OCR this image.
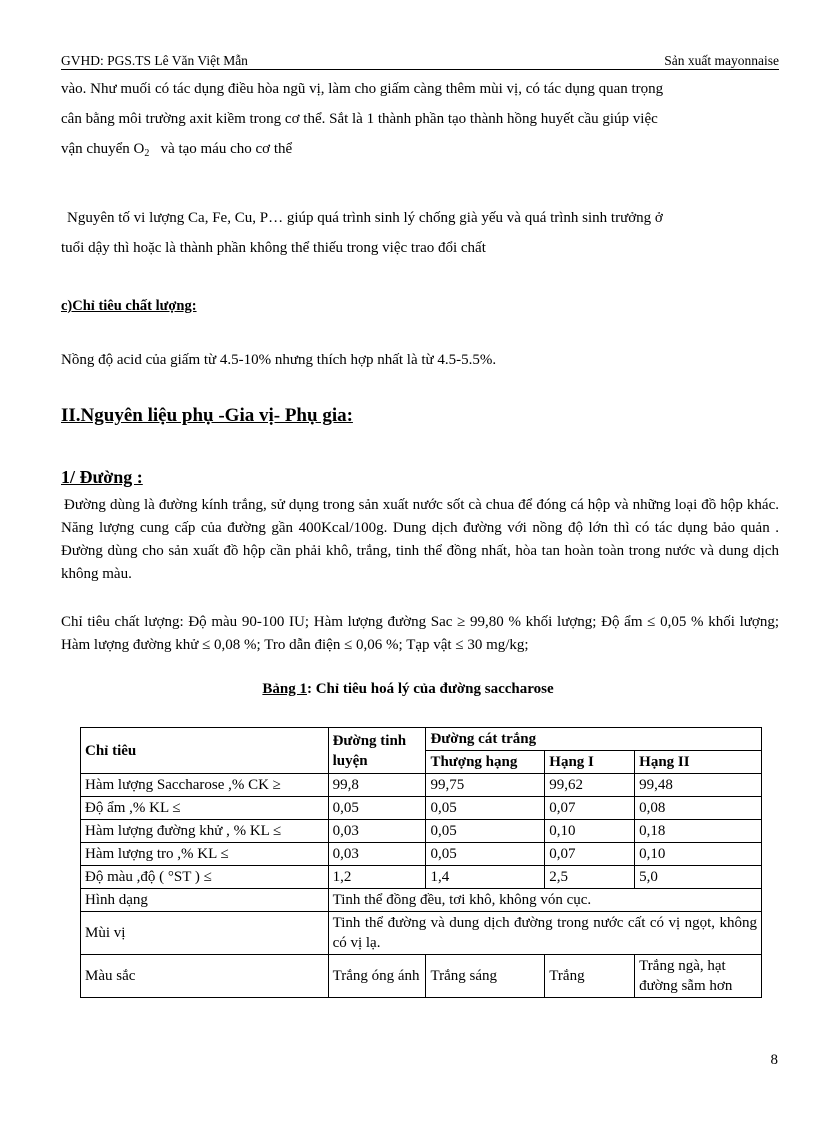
GVHD: PGS.TS Lê Văn Việt Mẫn	Sản xuất mayonnaise
vào. Như muối có tác dụng điều hòa ngũ vị, làm cho giấm càng thêm mùi vị, có tác dụng quan trọng
cân bằng môi trường axit kiềm trong cơ thể. Sắt là 1 thành phần tạo thành hồng huyết cầu giúp việc
vận chuyển $O_2$ và tạo máu cho cơ thể
Nguyên tố vi lượng Ca, Fe, Cu, P… giúp quá trình sinh lý chống già yếu và quá trình sinh trưởng ở
tuổi dậy thì hoặc là thành phần không thể thiếu trong việc trao đổi chất
c)Chỉ tiêu chất lượng:
Nồng độ acid của giấm từ 4.5-10% nhưng thích hợp nhất là từ 4.5-5.5%.
II.Nguyên liệu phụ -Gia vị- Phụ gia:
1/ Đường :
Đường dùng là đường kính trắng, sử dụng trong sản xuất nước sốt cà chua để đóng cá hộp và những loại đồ hộp khác. Năng lượng cung cấp của đường gần 400Kcal/100g. Dung dịch đường với nồng độ lớn thì có tác dụng bảo quản . Đường dùng cho sản xuất đồ hộp cần phải khô, trắng, tinh thể đồng nhất, hòa tan hoàn toàn trong nước và dung dịch không màu.
Chỉ tiêu chất lượng: Độ màu 90-100 IU; Hàm lượng đường Sac ≥ 99,80 % khối lượng; Độ ẩm ≤ 0,05 % khối lượng; Hàm lượng đường khử ≤ 0,08 %; Tro dẫn điện ≤ 0,06 %; Tạp vật ≤ 30 mg/kg;
Bảng 1: Chỉ tiêu hoá lý của đường saccharose
Chỉ tiêu	Đường tinh luyện	Đường cát trắng		
		Thượng hạng	Hạng I	Hạng II
Hàm lượng Saccharose ,% CK ≥	99,8	99,75	99,62	99,48
Độ ẩm ,% KL ≤	0,05	0,05	0,07	0,08
Hàm lượng đường khử , % KL ≤	0,03	0,05	0,10	0,18
Hàm lượng tro ,% KL ≤	0,03	0,05	0,07	0,10
Độ màu ,độ ( °ST ) ≤	1,2	1,4	2,5	5,0
Hình dạng	Tinh thể đồng đều, tơi khô, không vón cục.			
Mùi vị	Tinh thể đường và dung dịch đường trong nước cất có vị ngọt, không có vị lạ.			
Màu sắc	Trắng óng ánh	Trắng sáng	Trắng	Trắng ngà, hạt đường sẫm hơn
8
